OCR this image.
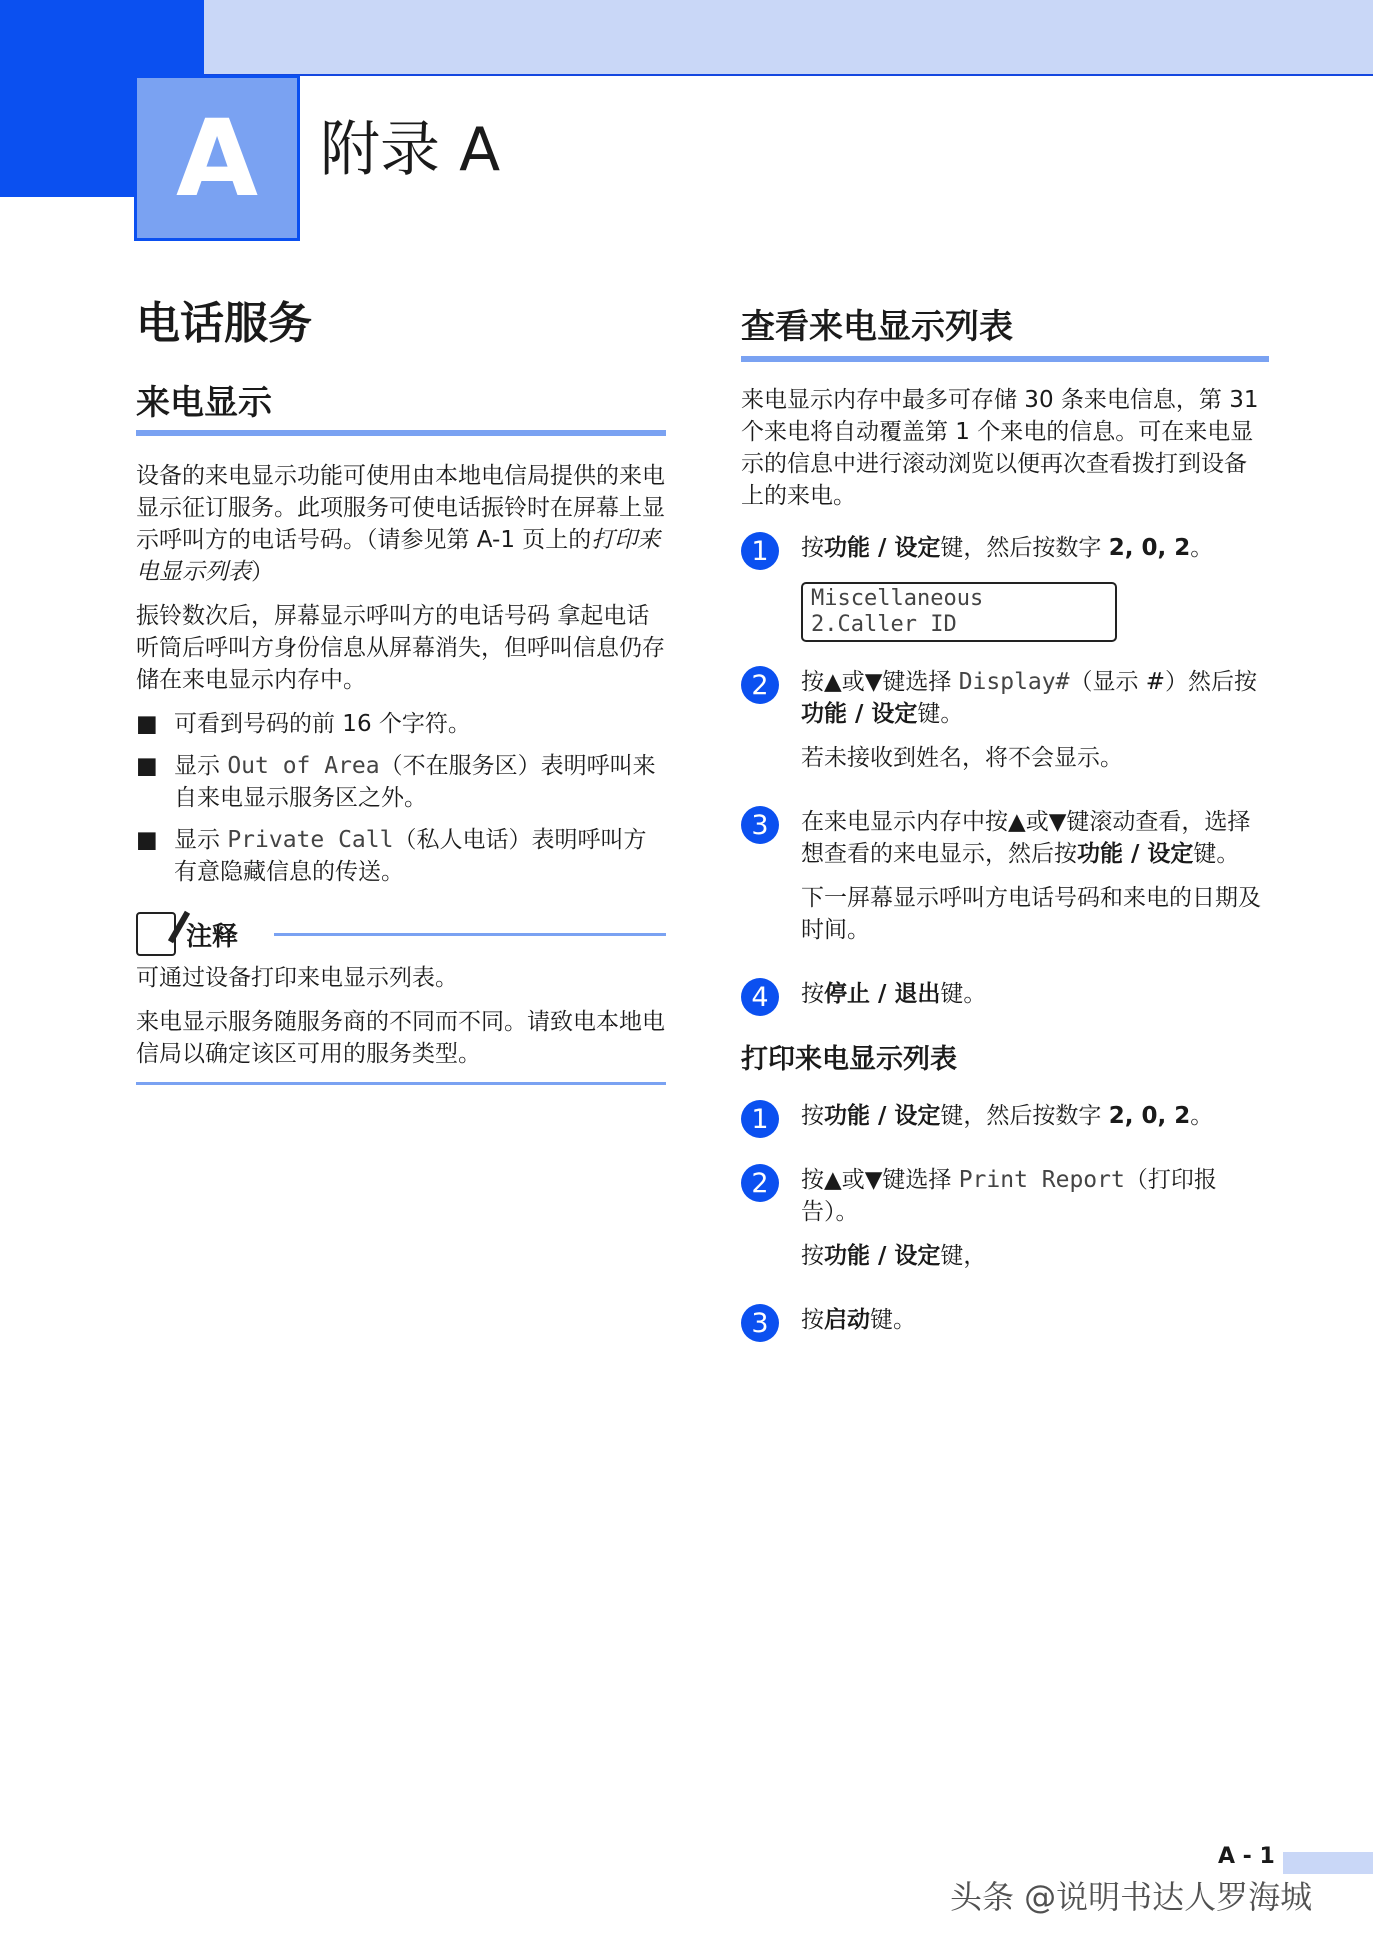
A 附录 A
电话服务
来电显示

设备的来电显示功能可使用由本地电信局提供的来电显示征订服务。此项服务可使电话振铃时在屏幕上显示呼叫方的电话号码。（请参见第 A-1 页上的打印来电显示列表）

振铃数次后，屏幕显示呼叫方的电话号码 拿起电话听筒后呼叫方身份信息从屏幕消失，但呼叫信息仍存储在来电显示内存中。

■ 可看到号码的前 16 个字符。
■ 显示 Out of Area（不在服务区）表明呼叫来自来电显示服务区之外。
■ 显示 Private Call（私人电话）表明呼叫方有意隐藏信息的传送。
注释

可通过设备打印来电显示列表。

来电显示服务随服务商的不同而不同。请致电本地电信局以确定该区可用的服务类型。

查看来电显示列表

来电显示内存中最多可存储 30 条来电信息，第 31 个来电将自动覆盖第 1 个来电的信息。可在来电显示的信息中进行滚动浏览以便再次查看拨打到设备上的来电。

1	按功能 / 设定键，然后按数字 2, 0, 2。

Miscellaneous
2.Caller ID
2	按▲或▼键选择 Display#（显示 #）然后按功能 / 设定键。

若未接收到姓名，将不会显示。

3	在来电显示内存中按▲或▼键滚动查看，选择想查看的来电显示，然后按功能 / 设定键。

下一屏幕显示呼叫方电话号码和来电的日期及时间。

4	按停止 / 退出键。

打印来电显示列表
1	按功能 / 设定键，然后按数字 2, 0, 2。

2	按▲或▼键选择 Print Report（打印报告）。

按功能 / 设定键，

3	按启动键。

A - 1
头条 @说明书达人罗海城
